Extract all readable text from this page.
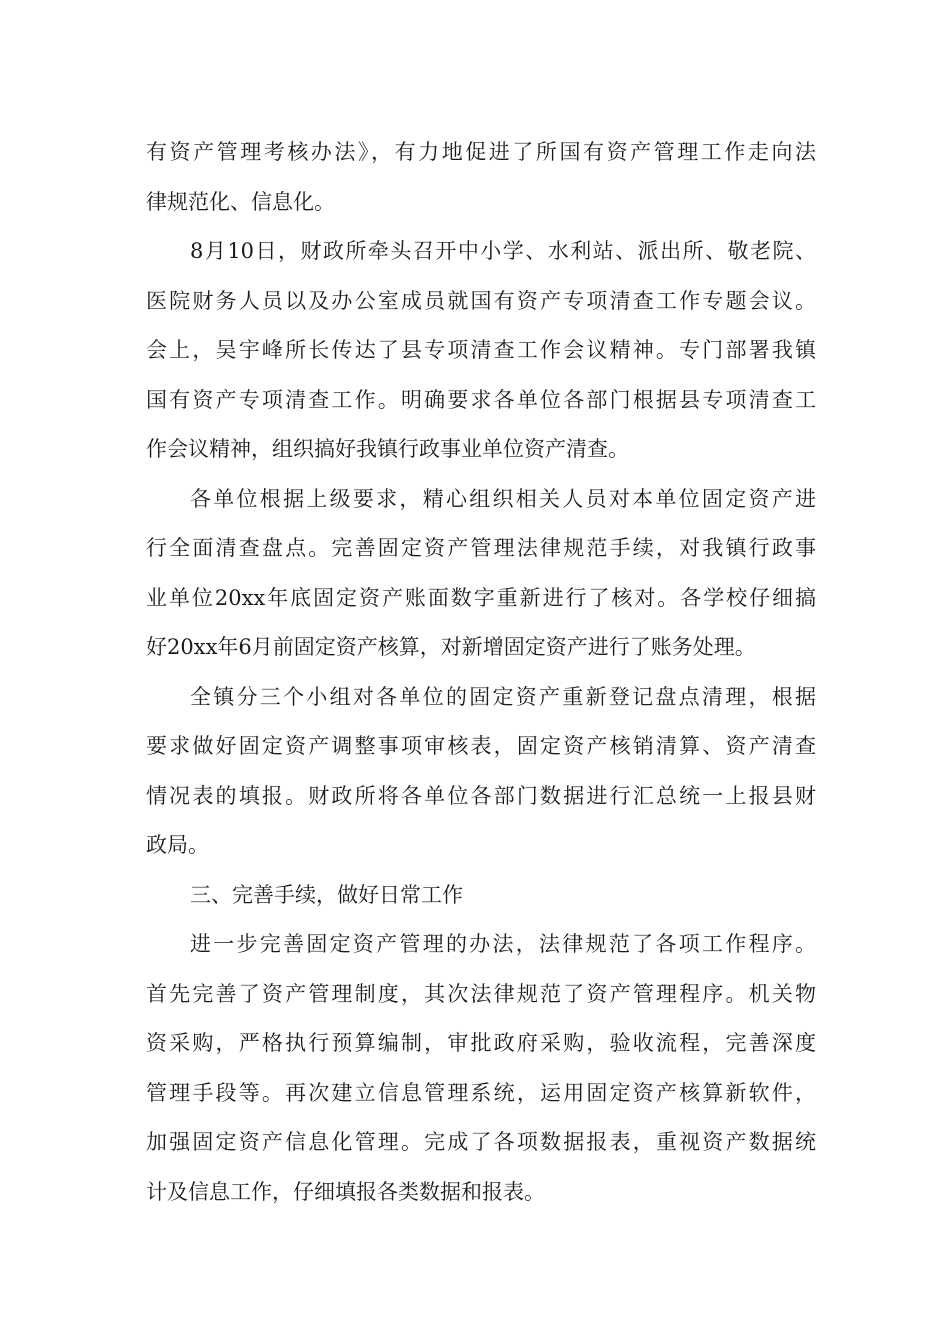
有资产管理考核办法》，有力地促进了所国有资产管理工作走向法
律规范化、信息化。
8月10日，财政所牵头召开中小学、水利站、派出所、敬老院、
医院财务人员以及办公室成员就国有资产专项清查工作专题会议。
会上，吴宇峰所长传达了县专项清查工作会议精神。专门部署我镇
国有资产专项清查工作。明确要求各单位各部门根据县专项清查工
作会议精神，组织搞好我镇行政事业单位资产清查。
各单位根据上级要求，精心组织相关人员对本单位固定资产进
行全面清查盘点。完善固定资产管理法律规范手续，对我镇行政事
业单位20xx年底固定资产账面数字重新进行了核对。各学校仔细搞
好20xx年6月前固定资产核算，对新增固定资产进行了账务处理。
全镇分三个小组对各单位的固定资产重新登记盘点清理，根据
要求做好固定资产调整事项审核表，固定资产核销清算、资产清查
情况表的填报。财政所将各单位各部门数据进行汇总统一上报县财
政局。
三、完善手续，做好日常工作
进一步完善固定资产管理的办法，法律规范了各项工作程序。
首先完善了资产管理制度，其次法律规范了资产管理程序。机关物
资采购，严格执行预算编制，审批政府采购，验收流程，完善深度
管理手段等。再次建立信息管理系统，运用固定资产核算新软件，
加强固定资产信息化管理。完成了各项数据报表，重视资产数据统
计及信息工作，仔细填报各类数据和报表。
